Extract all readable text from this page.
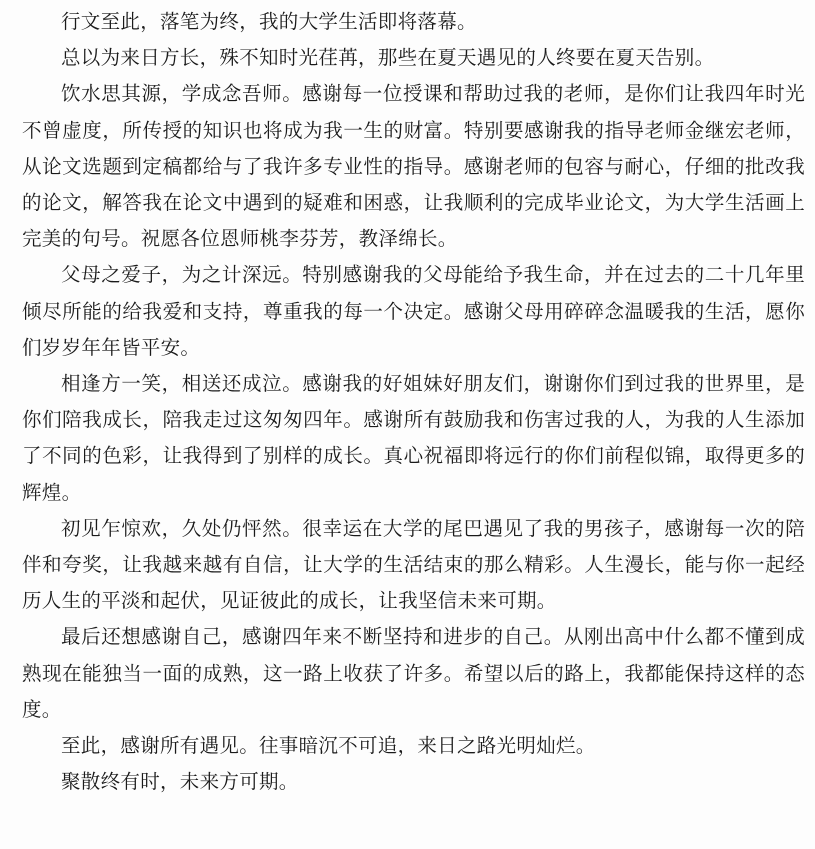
行文至此，落笔为终，我的大学生活即将落幕。

总以为来日方长，殊不知时光荏苒，那些在夏天遇见的人终要在夏天告别。

饮水思其源，学成念吾师。感谢每一位授课和帮助过我的老师，是你们让我四年时光不曾虚度，所传授的知识也将成为我一生的财富。特别要感谢我的指导老师金继宏老师，从论文选题到定稿都给与了我许多专业性的指导。感谢老师的包容与耐心，仔细的批改我的论文，解答我在论文中遇到的疑难和困惑，让我顺利的完成毕业论文，为大学生活画上完美的句号。祝愿各位恩师桃李芬芳，教泽绵长。

父母之爱子，为之计深远。特别感谢我的父母能给予我生命，并在过去的二十几年里倾尽所能的给我爱和支持，尊重我的每一个决定。感谢父母用碎碎念温暖我的生活，愿你们岁岁年年皆平安。

相逢方一笑，相送还成泣。感谢我的好姐妹好朋友们，谢谢你们到过我的世界里，是你们陪我成长，陪我走过这匆匆四年。感谢所有鼓励我和伤害过我的人，为我的人生添加了不同的色彩，让我得到了别样的成长。真心祝福即将远行的你们前程似锦，取得更多的辉煌。

初见乍惊欢，久处仍怦然。很幸运在大学的尾巴遇见了我的男孩子，感谢每一次的陪伴和夸奖，让我越来越有自信，让大学的生活结束的那么精彩。人生漫长，能与你一起经历人生的平淡和起伏，见证彼此的成长，让我坚信未来可期。

最后还想感谢自己，感谢四年来不断坚持和进步的自己。从刚出高中什么都不懂到成熟现在能独当一面的成熟，这一路上收获了许多。希望以后的路上，我都能保持这样的态度。

至此，感谢所有遇见。往事暗沉不可追，来日之路光明灿烂。

聚散终有时，未来方可期。
